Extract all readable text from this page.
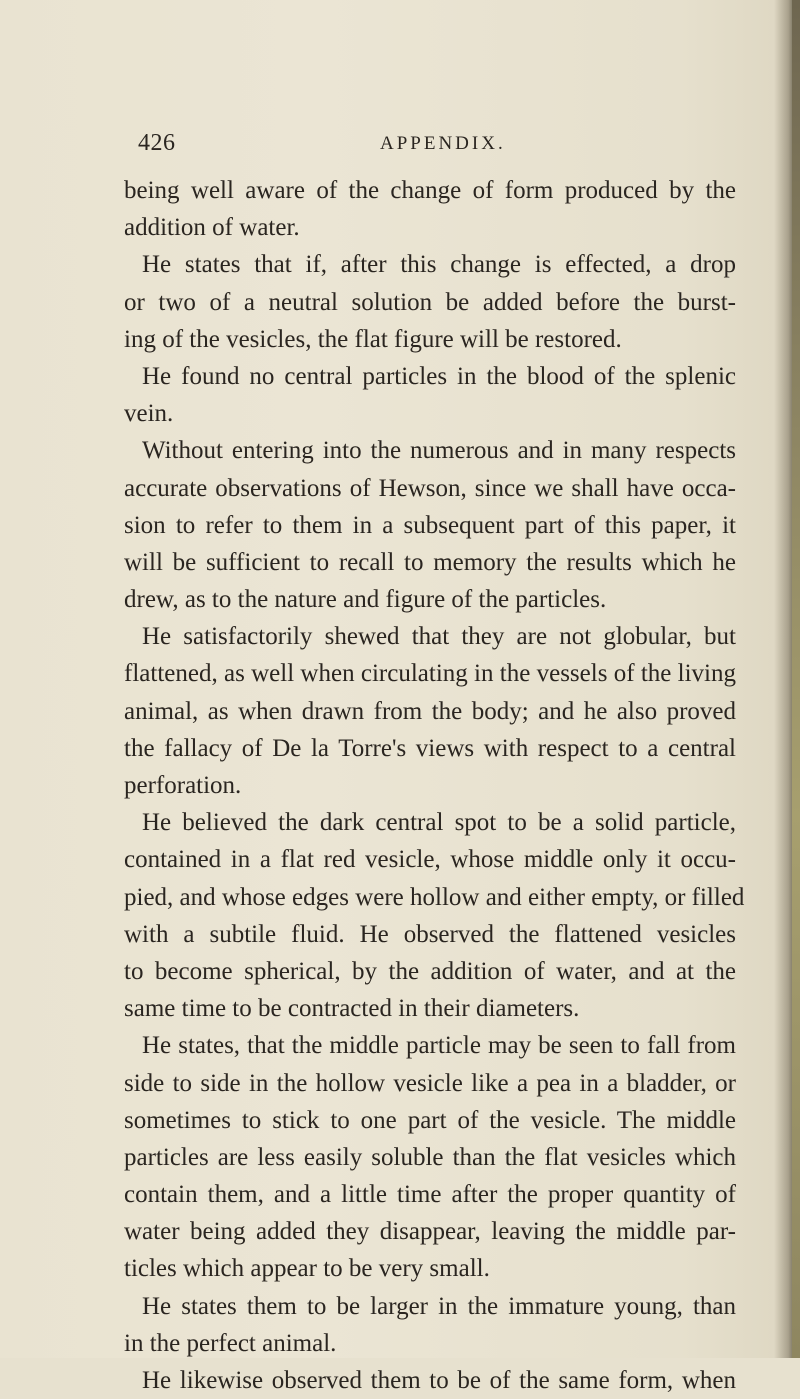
426	APPENDIX.
being well aware of the change of form produced by the
addition of water.
He states that if, after this change is effected, a drop
or two of a neutral solution be added before the burst-
ing of the vesicles, the flat figure will be restored.
He found no central particles in the blood of the splenic
vein.
Without entering into the numerous and in many respects
accurate observations of Hewson, since we shall have occa-
sion to refer to them in a subsequent part of this paper, it
will be sufficient to recall to memory the results which he
drew, as to the nature and figure of the particles.
He satisfactorily shewed that they are not globular, but
flattened, as well when circulating in the vessels of the living
animal, as when drawn from the body; and he also proved
the fallacy of De la Torre's views with respect to a central
perforation.
He believed the dark central spot to be a solid particle,
contained in a flat red vesicle, whose middle only it occu-
pied, and whose edges were hollow and either empty, or filled
with a subtile fluid. He observed the flattened vesicles
to become spherical, by the addition of water, and at the
same time to be contracted in their diameters.
He states, that the middle particle may be seen to fall from
side to side in the hollow vesicle like a pea in a bladder, or
sometimes to stick to one part of the vesicle. The middle
particles are less easily soluble than the flat vesicles which
contain them, and a little time after the proper quantity of
water being added they disappear, leaving the middle par-
ticles which appear to be very small.
He states them to be larger in the immature young, than
in the perfect animal.
He likewise observed them to be of the same form, when
